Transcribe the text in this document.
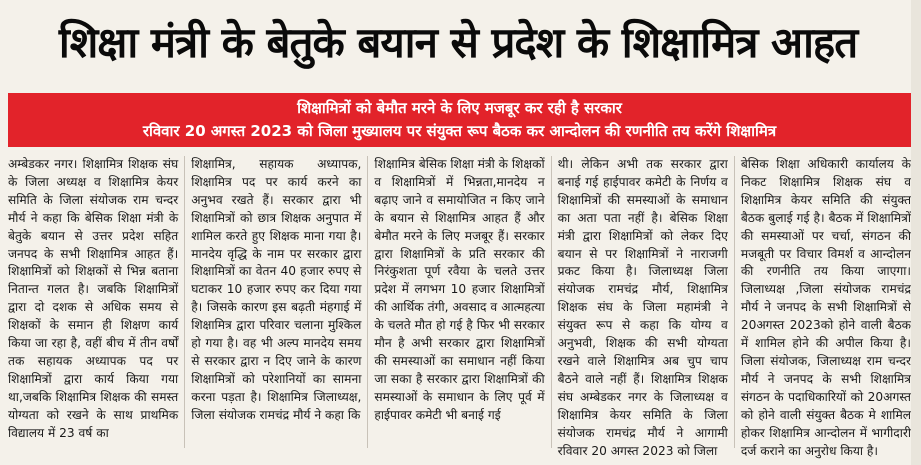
शिक्षा मंत्री के बेतुके बयान से प्रदेश के शिक्षामित्र आहत
शिक्षामित्रों को बेमौत मरने के लिए मजबूर कर रही है सरकार
रविवार 20 अगस्त 2023 को जिला मुख्यालय पर संयुक्त रूप बैठक कर आन्दोलन की रणनीति तय करेंगे शिक्षामित्र
अम्बेडकर नगर। शिक्षामित्र शिक्षक संघ के जिला अध्यक्ष व शिक्षामित्र केयर समिति के जिला संयोजक राम चन्दर मौर्य ने कहा कि बेसिक शिक्षा मंत्री के बेतुके बयान से उत्तर प्रदेश सहित जनपद के सभी शिक्षामित्र आहत हैं। शिक्षामित्रों को शिक्षकों से भिन्न बताना नितान्त गलत है। जबकि शिक्षामित्रों द्वारा दो दशक से अधिक समय से शिक्षकों के समान ही शिक्षण कार्य किया जा रहा है, वहीं बीच में तीन वर्षों तक सहायक अध्यापक पद पर शिक्षामित्रों द्वारा कार्य किया गया था,जबकि शिक्षामित्र शिक्षक की समस्त योग्यता को रखने के साथ प्राथमिक विद्यालय में 23 वर्ष का
शिक्षामित्र, सहायक अध्यापक, शिक्षामित्र पद पर कार्य करने का अनुभव रखते हैं। सरकार द्वारा भी शिक्षामित्रों को छात्र शिक्षक अनुपात में शामिल करते हुए शिक्षक माना गया है। मानदेय वृद्धि के नाम पर सरकार द्वारा शिक्षामित्रों का वेतन 40 हजार रुपए से घटाकर 10 हजार रुपए कर दिया गया है। जिसके कारण इस बढ़ती मंहगाई में शिक्षामित्र द्वारा परिवार चलाना मुश्किल हो गया है। वह भी अल्प मानदेय समय से सरकार द्वारा न दिए जाने के कारण शिक्षामित्रों को परेशानियों का सामना करना पड़ता है। शिक्षामित्र जिलाध्यक्ष, जिला संयोजक रामचंद्र मौर्य ने कहा कि
शिक्षामित्र बेसिक शिक्षा मंत्री के शिक्षकों व शिक्षामित्रों में भिन्नता,मानदेय न बढ़ाए जाने व समायोजित न किए जाने के बयान से शिक्षामित्र आहत हैं और बेमौत मरने के लिए मजबूर हैं। सरकार द्वारा शिक्षामित्रों के प्रति सरकार की निरंकुशता पूर्ण रवैया के चलते उत्तर प्रदेश में लगभग 10 हजार शिक्षामित्रों की आर्थिक तंगी, अवसाद व आत्महत्या के चलते मौत हो गई है फिर भी सरकार मौन है अभी सरकार द्वारा शिक्षामित्रों की समस्याओं का समाधान नहीं किया जा सका है सरकार द्वारा शिक्षामित्रों की समस्याओं के समाधान के लिए पूर्व में हाईपावर कमेटी भी बनाई गई
थी। लेकिन अभी तक सरकार द्वारा बनाई गई हाईपावर कमेटी के निर्णय व शिक्षामित्रों की समस्याओं के समाधान का अता पता नहीं है। बेसिक शिक्षा मंत्री द्वारा शिक्षामित्रों को लेकर दिए बयान से पर शिक्षामित्रों ने नाराजगी प्रकट किया है। जिलाध्यक्ष जिला संयोजक रामचंद्र मौर्य, शिक्षामित्र शिक्षक संघ के जिला महामंत्री ने संयुक्त रूप से कहा कि योग्य व अनुभवी, शिक्षक की सभी योग्यता रखने वाले शिक्षामित्र अब चुप चाप बैठने वाले नहीं हैं। शिक्षामित्र शिक्षक संघ अम्बेडकर नगर के जिलाध्यक्ष व शिक्षामित्र केयर समिति के जिला संयोजक रामचंद्र मौर्य ने आगामी रविवार 20 अगस्त 2023 को जिला
बेसिक शिक्षा अधिकारी कार्यालय के निकट शिक्षामित्र शिक्षक संघ व शिक्षामित्र केयर समिति की संयुक्त बैठक बुलाई गई है। बैठक में शिक्षामित्रों की समस्याओं पर चर्चा, संगठन की मजबूती पर विचार विमर्श व आन्दोलन की रणनीति तय किया जाएगा। जिलाध्यक्ष ,जिला संयोजक रामचंद्र मौर्य ने जनपद के सभी शिक्षामित्रों से 20अगस्त 2023को होने वाली बैठक में शामिल होने की अपील किया है। जिला संयोजक, जिलाध्यक्ष राम चन्दर मौर्य ने जनपद के सभी शिक्षामित्र संगठन के पदाधिकारियों को 20अगस्त को होने वाली संयुक्त बैठक मे शामिल होकर शिक्षामित्र आन्दोलन में भागीदारी दर्ज कराने का अनुरोध किया है।
